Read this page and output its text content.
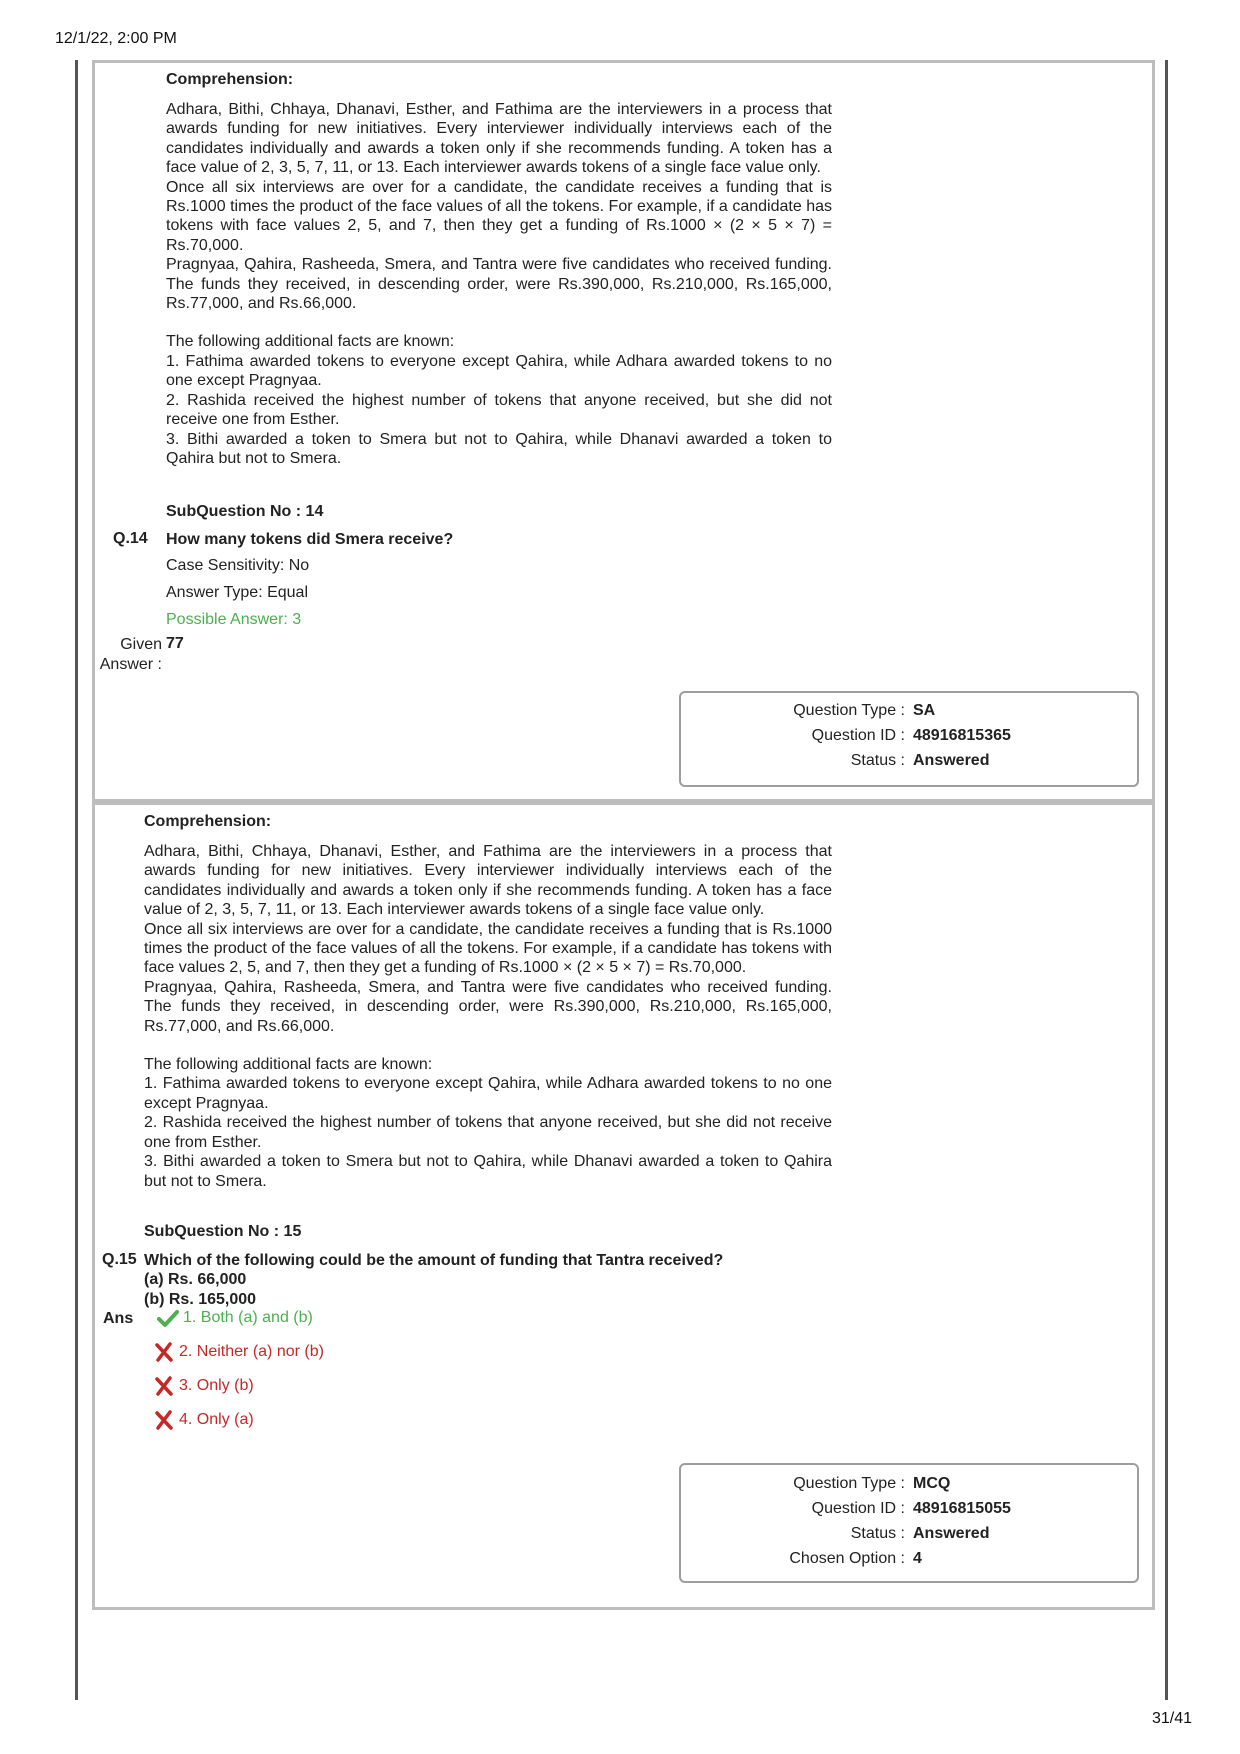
12/1/22, 2:00 PM
Comprehension:

Adhara, Bithi, Chhaya, Dhanavi, Esther, and Fathima are the interviewers in a process that awards funding for new initiatives. Every interviewer individually interviews each of the candidates individually and awards a token only if she recommends funding. A token has a face value of 2, 3, 5, 7, 11, or 13. Each interviewer awards tokens of a single face value only.

Once all six interviews are over for a candidate, the candidate receives a funding that is Rs.1000 times the product of the face values of all the tokens. For example, if a candidate has tokens with face values 2, 5, and 7, then they get a funding of Rs.1000 × (2 × 5 × 7) = Rs.70,000.

Pragnyaa, Qahira, Rasheeda, Smera, and Tantra were five candidates who received funding. The funds they received, in descending order, were Rs.390,000, Rs.210,000, Rs.165,000, Rs.77,000, and Rs.66,000.

The following additional facts are known:

1. Fathima awarded tokens to everyone except Qahira, while Adhara awarded tokens to no one except Pragnyaa.

2. Rashida received the highest number of tokens that anyone received, but she did not receive one from Esther.

3. Bithi awarded a token to Smera but not to Qahira, while Dhanavi awarded a token to Qahira but not to Smera.

SubQuestion No : 14
Q.14 How many tokens did Smera receive?
Case Sensitivity: No
Answer Type: Equal
Possible Answer: 3
Given
Answer :
77
Question Type : SA
Question ID : 48916815365
Status : Answered
Comprehension:

Adhara, Bithi, Chhaya, Dhanavi, Esther, and Fathima are the interviewers in a process that awards funding for new initiatives. Every interviewer individually interviews each of the candidates individually and awards a token only if she recommends funding. A token has a face value of 2, 3, 5, 7, 11, or 13. Each interviewer awards tokens of a single face value only.

Once all six interviews are over for a candidate, the candidate receives a funding that is Rs.1000 times the product of the face values of all the tokens. For example, if a candidate has tokens with face values 2, 5, and 7, then they get a funding of Rs.1000 × (2 × 5 × 7) = Rs.70,000.

Pragnyaa, Qahira, Rasheeda, Smera, and Tantra were five candidates who received funding. The funds they received, in descending order, were Rs.390,000, Rs.210,000, Rs.165,000, Rs.77,000, and Rs.66,000.

The following additional facts are known:

1. Fathima awarded tokens to everyone except Qahira, while Adhara awarded tokens to no one except Pragnyaa.

2. Rashida received the highest number of tokens that anyone received, but she did not receive one from Esther.

3. Bithi awarded a token to Smera but not to Qahira, while Dhanavi awarded a token to Qahira but not to Smera.

SubQuestion No : 15
Q.15 Which of the following could be the amount of funding that Tantra received?
(a) Rs. 66,000
(b) Rs. 165,000
Ans	1. Both (a) and (b)
2. Neither (a) nor (b)
3. Only (b)
4. Only (a)
Question Type : MCQ
Question ID : 48916815055
Status : Answered
Chosen Option : 4
31/41
